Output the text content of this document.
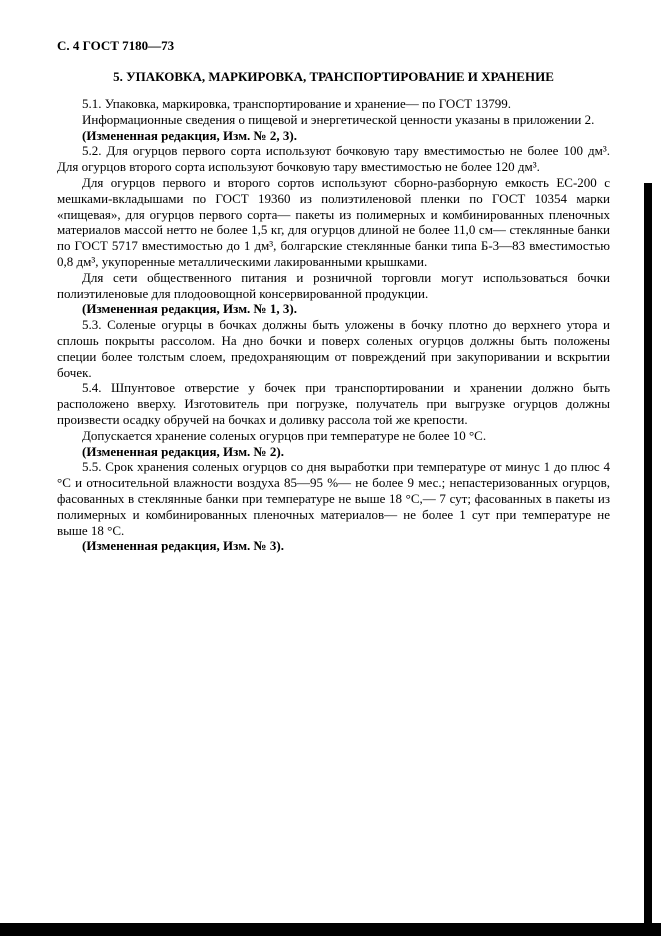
С. 4 ГОСТ 7180—73

5. УПАКОВКА, МАРКИРОВКА, ТРАНСПОРТИРОВАНИЕ И ХРАНЕНИЕ

5.1. Упаковка, маркировка, транспортирование и хранение— по ГОСТ 13799.

Информационные сведения о пищевой и энергетической ценности указаны в приложении 2.

(Измененная редакция, Изм. № 2, 3).

5.2. Для огурцов первого сорта используют бочковую тару вместимостью не более 100 дм³. Для огурцов второго сорта используют бочковую тару вместимостью не более 120 дм³.

Для огурцов первого и второго сортов используют сборно-разборную емкость ЕС-200 с мешками-вкладышами по ГОСТ 19360 из полиэтиленовой пленки по ГОСТ 10354 марки «пищевая», для огурцов первого сорта— пакеты из полимерных и комбинированных пленочных материалов массой нетто не более 1,5 кг, для огурцов длиной не более 11,0 см— стеклянные банки по ГОСТ 5717 вместимостью до 1 дм³, болгарские стеклянные банки типа Б-3—83 вместимостью 0,8 дм³, укупоренные металлическими лакированными крышками.

Для сети общественного питания и розничной торговли могут использоваться бочки полиэтиленовые для плодоовощной консервированной продукции.

(Измененная редакция, Изм. № 1, 3).

5.3. Соленые огурцы в бочках должны быть уложены в бочку плотно до верхнего утора и сплошь покрыты рассолом. На дно бочки и поверх соленых огурцов должны быть положены специи более толстым слоем, предохраняющим от повреждений при закупоривании и вскрытии бочек.

5.4. Шпунтовое отверстие у бочек при транспортировании и хранении должно быть расположено вверху. Изготовитель при погрузке, получатель при выгрузке огурцов должны произвести осадку обручей на бочках и доливку рассола той же крепости.

Допускается хранение соленых огурцов при температуре не более 10 °С.

(Измененная редакция, Изм. № 2).

5.5. Срок хранения соленых огурцов со дня выработки при температуре от минус 1 до плюс 4 °С и относительной влажности воздуха 85—95 %— не более 9 мес.; непастеризованных огурцов, фасованных в стеклянные банки при температуре не выше 18 °С,— 7 сут; фасованных в пакеты из полимерных и комбинированных пленочных материалов— не более 1 сут при температуре не выше 18 °С.

(Измененная редакция, Изм. № 3).
